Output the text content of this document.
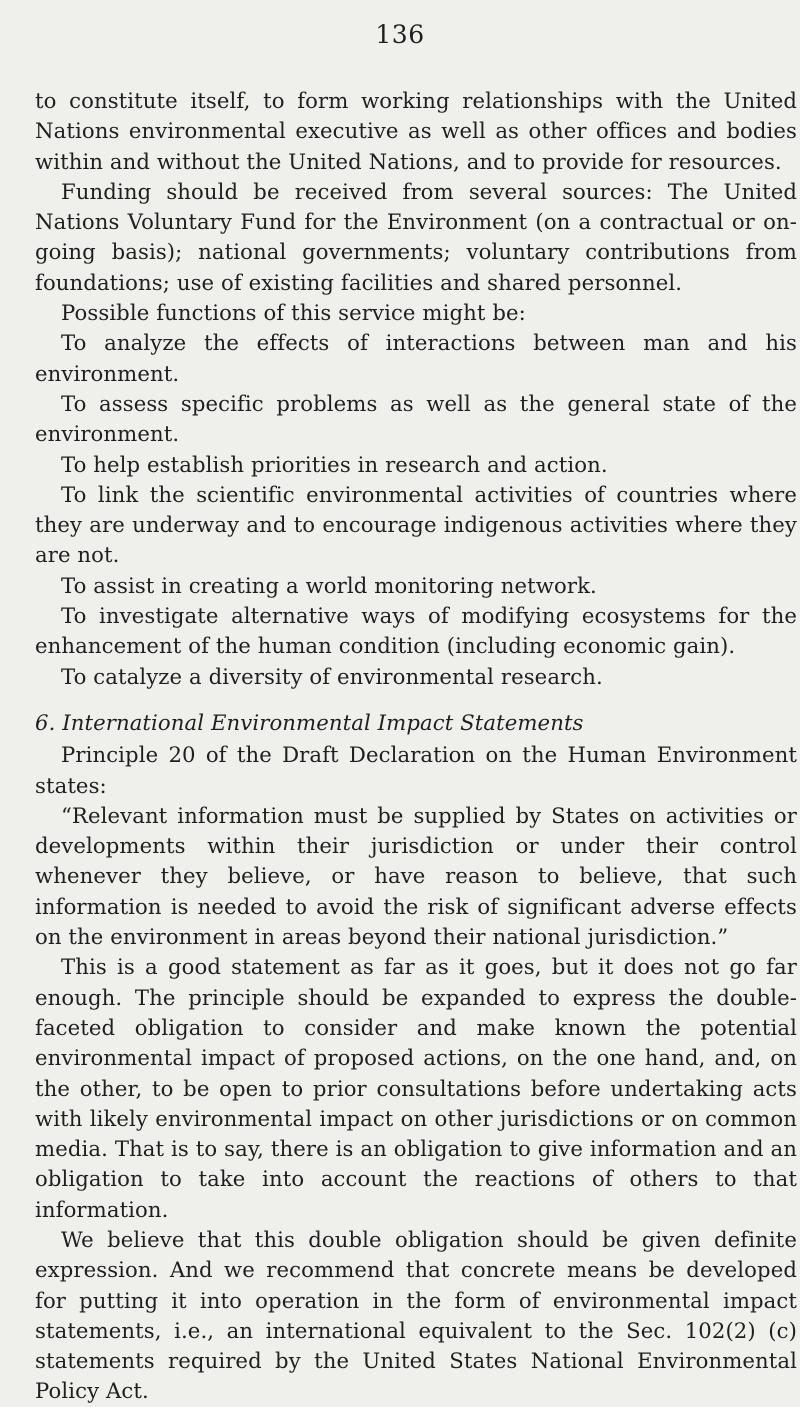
136

to constitute itself, to form working relationships with the United Nations environmental executive as well as other offices and bodies within and without the United Nations, and to provide for resources.

Funding should be received from several sources: The United Nations Voluntary Fund for the Environment (on a contractual or on-going basis); national governments; voluntary contributions from foundations; use of existing facilities and shared personnel.

Possible functions of this service might be:

To analyze the effects of interactions between man and his environment.

To assess specific problems as well as the general state of the environment.

To help establish priorities in research and action.

To link the scientific environmental activities of countries where they are underway and to encourage indigenous activities where they are not.

To assist in creating a world monitoring network.

To investigate alternative ways of modifying ecosystems for the enhancement of the human condition (including economic gain).

To catalyze a diversity of environmental research.

6. International Environmental Impact Statements

Principle 20 of the Draft Declaration on the Human Environment states:

“Relevant information must be supplied by States on activities or developments within their jurisdiction or under their control whenever they believe, or have reason to believe, that such information is needed to avoid the risk of significant adverse effects on the environment in areas beyond their national jurisdiction.”

This is a good statement as far as it goes, but it does not go far enough. The principle should be expanded to express the double-faceted obligation to consider and make known the potential environmental impact of proposed actions, on the one hand, and, on the other, to be open to prior consultations before undertaking acts with likely environmental impact on other jurisdictions or on common media. That is to say, there is an obligation to give information and an obligation to take into account the reactions of others to that information.

We believe that this double obligation should be given definite expression. And we recommend that concrete means be developed for putting it into operation in the form of environmental impact statements, i.e., an international equivalent to the Sec. 102(2) (c) statements required by the United States National Environmental Policy Act.
